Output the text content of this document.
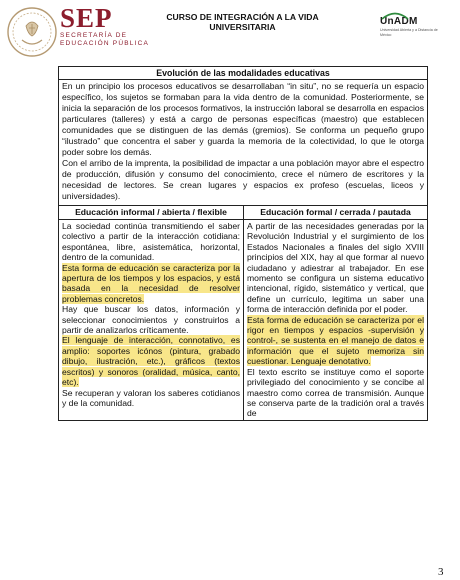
SEP
SECRETARÍA DE
EDUCACIÓN PÚBLICA
CURSO DE INTEGRACIÓN A LA VIDA
UNIVERSITARIA	UnADM
Universidad Abierta y a Distancia de México
Evolución de las modalidades educativas

En un principio los procesos educativos se desarrollaban “in situ”, no se requería un espacio específico, los sujetos se formaban para la vida dentro de la comunidad. Posteriormente, se inicia la separación de los procesos formativos, la instrucción laboral se desarrolla en espacios particulares (talleres) y está a cargo de personas específicas (maestro) que establecen comunidades que se distinguen de las demás (gremios). Se conforma un pequeño grupo “ilustrado” que concentra el saber y guarda la memoria de la colectividad, lo que le otorga poder sobre los demás.

Con el arribo de la imprenta, la posibilidad de impactar a una población mayor abre el espectro de producción, difusión y consumo del conocimiento, crece el número de escritores y la necesidad de lectores. Se crean lugares y espacios ex profeso (escuelas, liceos y universidades).

Educación informal / abierta / flexible

La sociedad continúa transmitiendo el saber colectivo a partir de la interacción cotidiana: espontánea, libre, asistemática, horizontal, dentro de la comunidad.

Esta forma de educación se caracteriza por la apertura de los tiempos y los espacios, y está basada en la necesidad de resolver problemas concretos.

Hay que buscar los datos, información y seleccionar conocimientos y construirlos a partir de analizarlos críticamente.

El lenguaje de interacción, connotativo, es amplio: soportes icónos (pintura, grabado dibujo, ilustración, etc.), gráficos (textos escritos) y sonoros (oralidad, música, canto, etc).

Se recuperan y valoran los saberes cotidianos y de la comunidad.

Educación formal / cerrada / pautada

A partir de las necesidades generadas por la Revolución Industrial y el surgimiento de los Estados Nacionales a finales del siglo XVIII principios del XIX, hay al que formar al nuevo ciudadano y adiestrar al trabajador. En ese momento se configura un sistema educativo intencional, rígido, sistemático y vertical, que define un currículo, legitima un saber una forma de interacción definida por el poder.

Esta forma de educación se caracteriza por el rigor en tiempos y espacios -supervisión y control-, se sustenta en el manejo de datos e información que el sujeto memoriza sin cuestionar. Lenguaje denotativo.

El texto escrito se instituye como el soporte privilegiado del conocimiento y se concibe al maestro como correa de transmisión. Aunque se conserva parte de la tradición oral a través de

3
